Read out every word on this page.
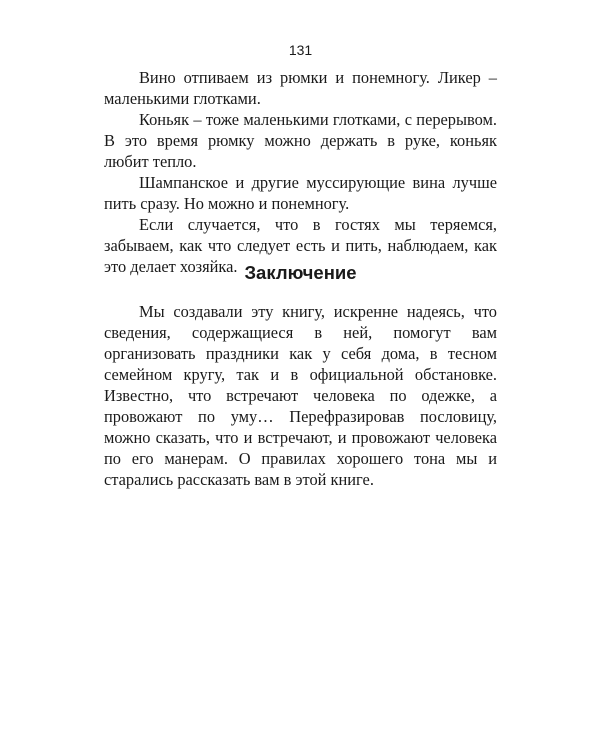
131

Вино отпиваем из рюмки и понемногу. Ликер – маленькими глотками.

Коньяк – тоже маленькими глотками, с перерывом. В это время рюмку можно держать в руке, коньяк любит тепло.

Шампанское и другие муссирующие вина лучше пить сразу. Но можно и понемногу.

Если случается, что в гостях мы теряемся, забываем, как что следует есть и пить, наблюдаем, как это делает хозяйка. Заключение

Мы создавали эту книгу, искренне надеясь, что сведения, содержащиеся в ней, помогут вам организовать праздники как у себя дома, в тесном семейном кругу, так и в официальной обстановке. Известно, что встречают человека по одежке, а провожают по уму… Перефразировав пословицу, можно сказать, что и встречают, и провожают человека по его манерам. О правилах хорошего тона мы и старались рассказать вам в этой книге.
